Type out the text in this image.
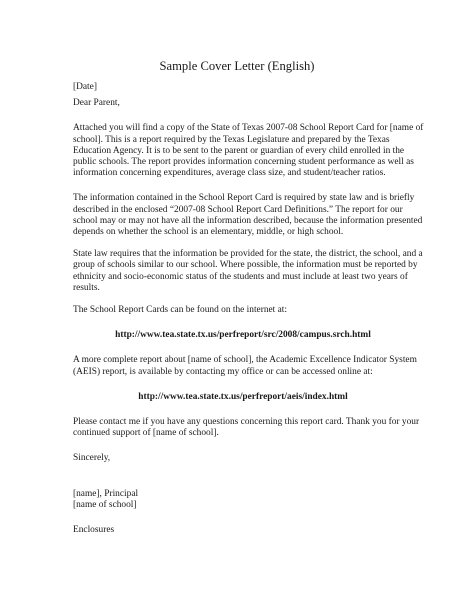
Sample Cover Letter (English)

[Date]

Dear Parent,

Attached you will find a copy of the State of Texas 2007-08 School Report Card for [name of
school]. This is a report required by the Texas Legislature and prepared by the Texas
Education Agency. It is to be sent to the parent or guardian of every child enrolled in the
public schools. The report provides information concerning student performance as well as
information concerning expenditures, average class size, and student/teacher ratios.

The information contained in the School Report Card is required by state law and is briefly
described in the enclosed “2007-08 School Report Card Definitions.” The report for our
school may or may not have all the information described, because the information presented
depends on whether the school is an elementary, middle, or high school.

State law requires that the information be provided for the state, the district, the school, and a
group of schools similar to our school. Where possible, the information must be reported by
ethnicity and socio-economic status of the students and must include at least two years of
results.

The School Report Cards can be found on the internet at:

http://www.tea.state.tx.us/perfreport/src/2008/campus.srch.html

A more complete report about [name of school], the Academic Excellence Indicator System
(AEIS) report, is available by contacting my office or can be accessed online at:

http://www.tea.state.tx.us/perfreport/aeis/index.html

Please contact me if you have any questions concerning this report card. Thank you for your
continued support of [name of school].

Sincerely,

[name], Principal
[name of school]

Enclosures
